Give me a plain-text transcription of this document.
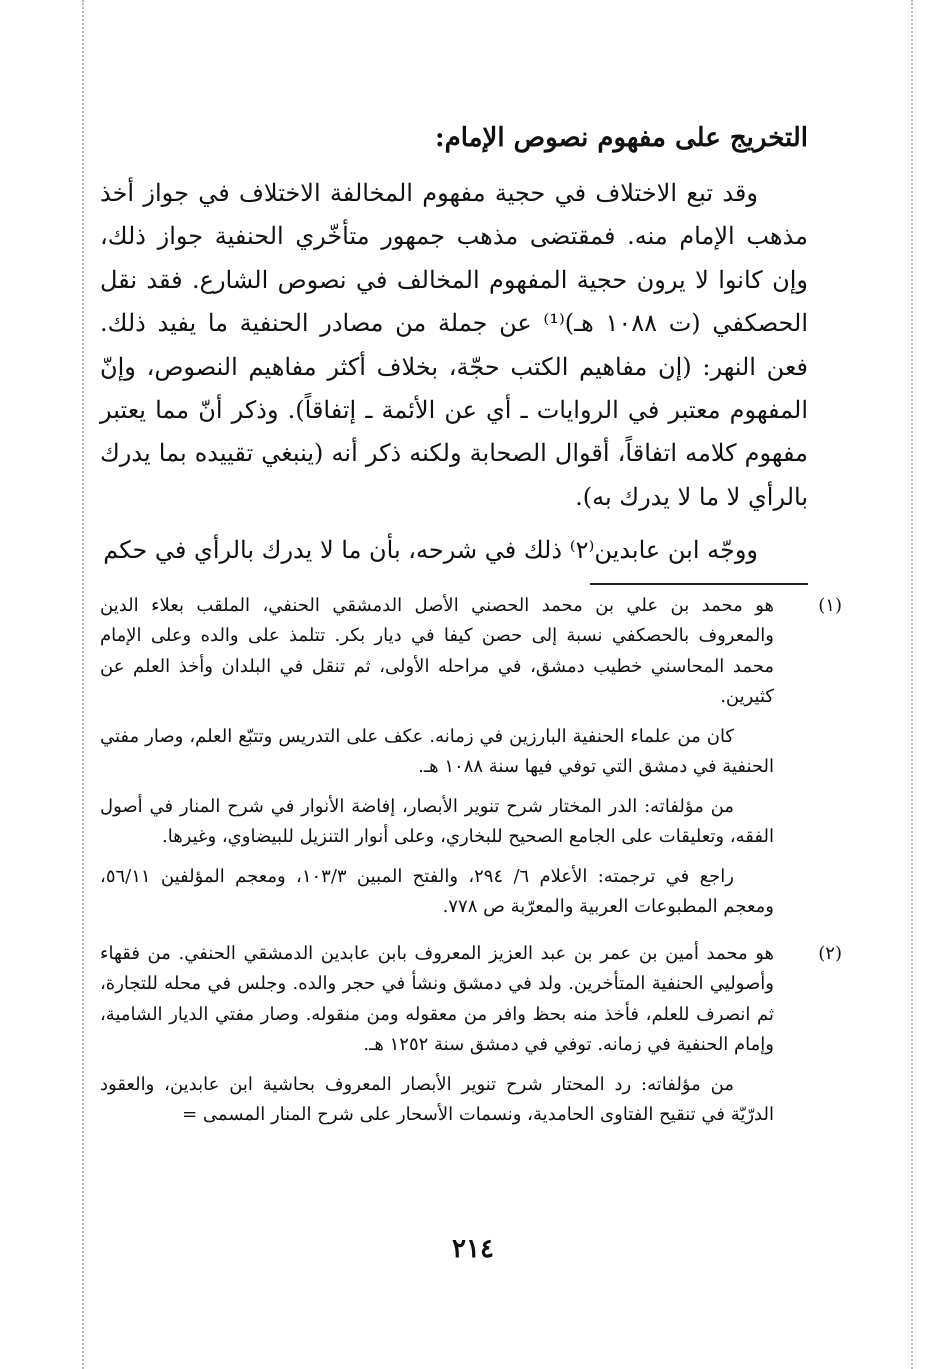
التخريج على مفهوم نصوص الإمام:

وقد تبع الاختلاف في حجية مفهوم المخالفة الاختلاف في جواز أخذ مذهب الإمام منه. فمقتضى مذهب جمهور متأخّري الحنفية جواز ذلك، وإن كانوا لا يرون حجية المفهوم المخالف في نصوص الشارع. فقد نقل الحصكفي (ت ١٠٨٨ هـ)⁽¹⁾ عن جملة من مصادر الحنفية ما يفيد ذلك. فعن النهر: (إن مفاهيم الكتب حجّة، بخلاف أكثر مفاهيم النصوص، وإنّ المفهوم معتبر في الروايات ـ أي عن الأئمة ـ إتفاقاً). وذكر أنّ مما يعتبر مفهوم كلامه اتفاقاً، أقوال الصحابة ولكنه ذكر أنه (ينبغي تقييده بما يدرك بالرأي لا ما لا يدرك به).

ووجّه ابن عابدين⁽٢⁾ ذلك في شرحه، بأن ما لا يدرك بالرأي في حكم

(١)هو محمد بن علي بن محمد الحصني الأصل الدمشقي الحنفي، الملقب بعلاء الدين والمعروف بالحصكفي نسبة إلى حصن كيفا في ديار بكر. تتلمذ على والده وعلى الإمام محمد المحاسني خطيب دمشق، في مراحله الأولى، ثم تنقل في البلدان وأخذ العلم عن كثيرين.

كان من علماء الحنفية البارزين في زمانه. عكف على التدريس وتتبّع العلم، وصار مفتي الحنفية في دمشق التي توفي فيها سنة ١٠٨٨ هـ.

من مؤلفاته: الدر المختار شرح تنوير الأبصار، إفاضة الأنوار في شرح المنار في أصول الفقه، وتعليقات على الجامع الصحيح للبخاري، وعلى أنوار التنزيل للبيضاوي، وغيرها.

راجع في ترجمته: الأعلام ٦/ ٢٩٤، والفتح المبين ١٠٣/٣، ومعجم المؤلفين ٥٦/١١، ومعجم المطبوعات العربية والمعرّبة ص ٧٧٨.

(٢)هو محمد أمين بن عمر بن عبد العزيز المعروف بابن عابدين الدمشقي الحنفي. من فقهاء وأصوليي الحنفية المتأخرين. ولد في دمشق ونشأ في حجر والده. وجلس في محله للتجارة، ثم انصرف للعلم، فأخذ منه بحظ وافر من معقوله ومن منقوله. وصار مفتي الديار الشامية، وإمام الحنفية في زمانه. توفي في دمشق سنة ١٢٥٢ هـ.

من مؤلفاته: رد المحتار شرح تنوير الأبصار المعروف بحاشية ابن عابدين، والعقود الدرّيّة في تنقيح الفتاوى الحامدية، ونسمات الأسحار على شرح المنار المسمى =

٢١٤
